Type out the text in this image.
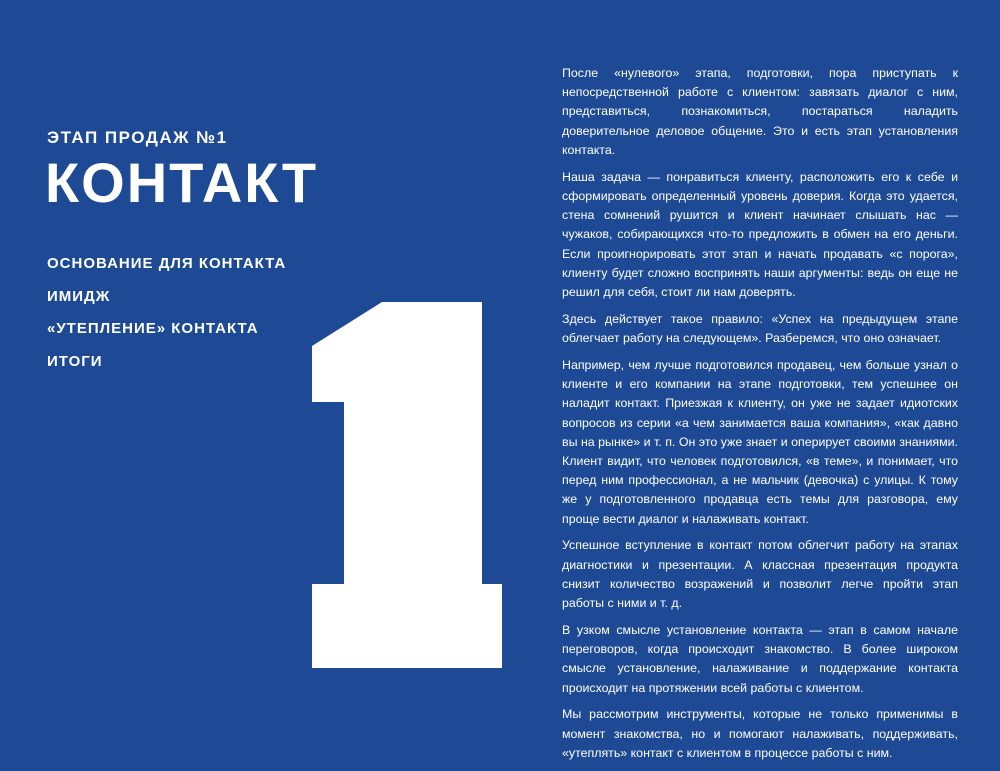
ЭТАП ПРОДАЖ №1
КОНТАКТ
ОСНОВАНИЕ ДЛЯ КОНТАКТА
ИМИДЖ
«УТЕПЛЕНИЕ» КОНТАКТА
ИТОГИ

После «нулевого» этапа, подготовки, пора приступать к непосредственной работе с клиентом: завязать диалог с ним, представиться, познакомиться, постараться наладить доверительное деловое общение. Это и есть этап установления контакта.

Наша задача — понравиться клиенту, расположить его к себе и сформировать определенный уровень доверия. Когда это удается, стена сомнений рушится и клиент начинает слышать нас — чужаков, собирающихся что-то предложить в обмен на его деньги. Если проигнорировать этот этап и начать продавать «с порога», клиенту будет сложно воспринять наши аргументы: ведь он еще не решил для себя, стоит ли нам доверять.

Здесь действует такое правило: «Успех на предыдущем этапе облегчает работу на следующем». Разберемся, что оно означает.

Например, чем лучше подготовился продавец, чем больше узнал о клиенте и его компании на этапе подготовки, тем успешнее он наладит контакт. Приезжая к клиенту, он уже не задает идиотских вопросов из серии «а чем занимается ваша компания», «как давно вы на рынке» и т. п. Он это уже знает и оперирует своими знаниями. Клиент видит, что человек подготовился, «в теме», и понимает, что перед ним профессионал, а не мальчик (девочка) с улицы. К тому же у подготовленного продавца есть темы для разговора, ему проще вести диалог и налаживать контакт.

Успешное вступление в контакт потом облегчит работу на этапах диагностики и презентации. А классная презентация продукта снизит количество возражений и позволит легче пройти этап работы с ними и т. д.

В узком смысле установление контакта — этап в самом начале переговоров, когда происходит знакомство. В более широком смысле установление, налаживание и поддержание контакта происходит на протяжении всей работы с клиентом.

Мы рассмотрим инструменты, которые не только применимы в момент знакомства, но и помогают налаживать, поддерживать, «утеплять» контакт с клиентом в процессе работы с ним.
